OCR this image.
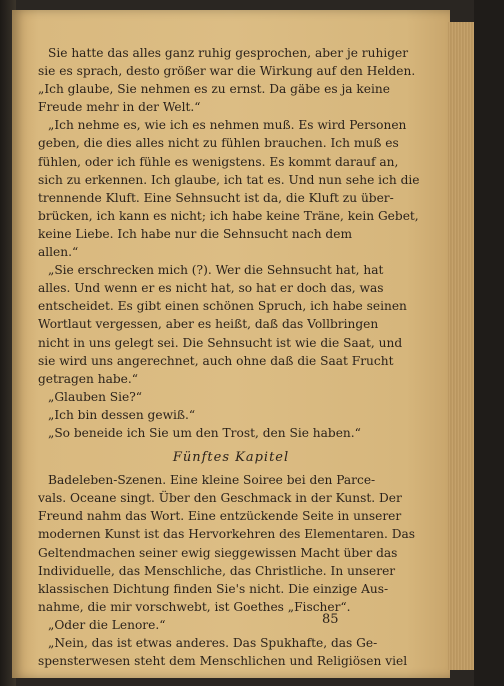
Sie hatte das alles ganz ruhig gesprochen, aber je ruhiger
sie es sprach, desto größer war die Wirkung auf den Helden.
„Ich glaube, Sie nehmen es zu ernst. Da gäbe es ja keine
Freude mehr in der Welt.“
„Ich nehme es, wie ich es nehmen muß. Es wird Personen
geben, die dies alles nicht zu fühlen brauchen. Ich muß es
fühlen, oder ich fühle es wenigstens. Es kommt darauf an,
sich zu erkennen. Ich glaube, ich tat es. Und nun sehe ich die
trennende Kluft. Eine Sehnsucht ist da, die Kluft zu über-
brücken, ich kann es nicht; ich habe keine Träne, kein Gebet,
keine Liebe. Ich habe nur die Sehnsucht nach dem
allen.“
„Sie erschrecken mich (?). Wer die Sehnsucht hat, hat
alles. Und wenn er es nicht hat, so hat er doch das, was
entscheidet. Es gibt einen schönen Spruch, ich habe seinen
Wortlaut vergessen, aber es heißt, daß das Vollbringen
nicht in uns gelegt sei. Die Sehnsucht ist wie die Saat, und
sie wird uns angerechnet, auch ohne daß die Saat Frucht
getragen habe.“
„Glauben Sie?“
„Ich bin dessen gewiß.“
„So beneide ich Sie um den Trost, den Sie haben.“
Fünftes Kapitel
Badeleben-Szenen. Eine kleine Soiree bei den Parce-
vals. Oceane singt. Über den Geschmack in der Kunst. Der
Freund nahm das Wort. Eine entzückende Seite in unserer
modernen Kunst ist das Hervorkehren des Elementaren. Das
Geltendmachen seiner ewig sieggewissen Macht über das
Individuelle, das Menschliche, das Christliche. In unserer
klassischen Dichtung finden Sie's nicht. Die einzige Aus-
nahme, die mir vorschwebt, ist Goethes „Fischer“.
„Oder die Lenore.“
„Nein, das ist etwas anderes. Das Spukhafte, das Ge-
spensterwesen steht dem Menschlichen und Religiösen viel
85
